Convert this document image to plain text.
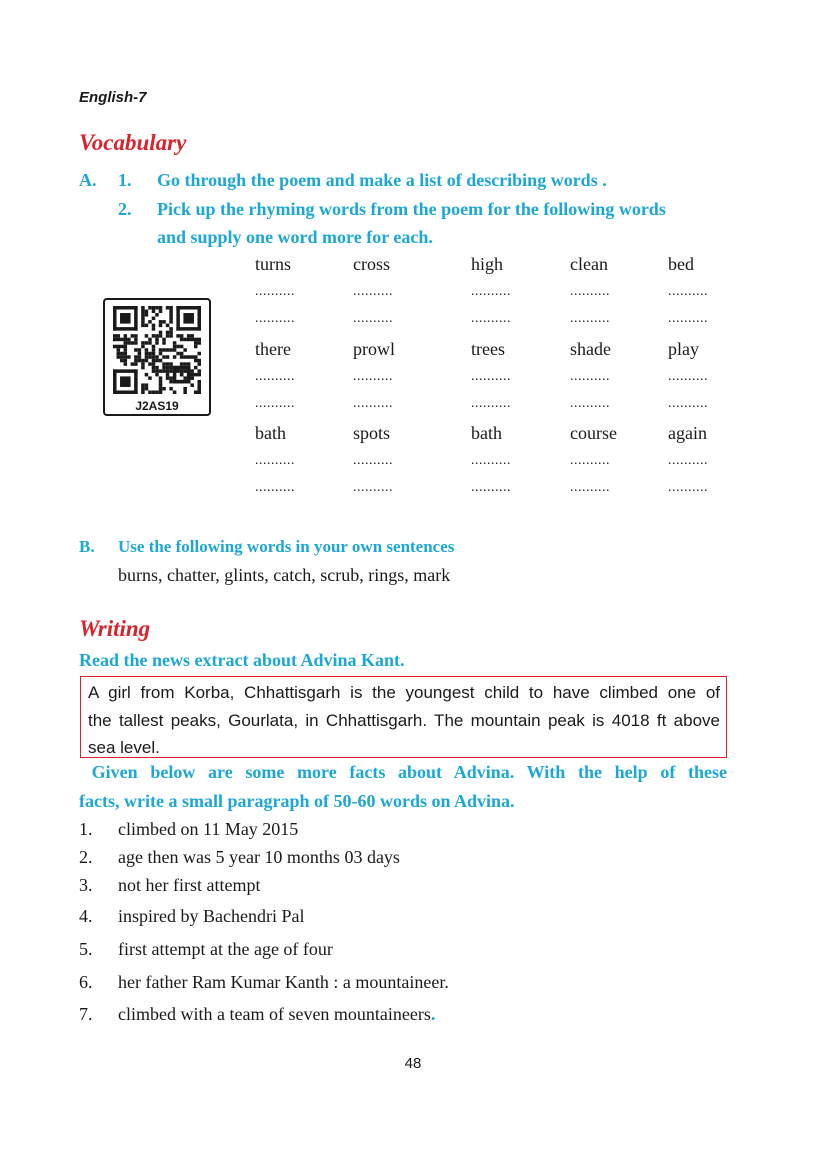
English-7
Vocabulary
A. 1. Go through the poem and make a list of describing words .
2. Pick up the rhyming words from the poem for the following words
and supply one word more for each.
turns
..........
..........
cross
..........
..........
high
..........
..........
clean
..........
..........
bed
..........
..........
there
..........
..........
prowl
..........
..........
trees
..........
..........
shade
..........
..........
play
..........
..........
bath
..........
..........
spots
..........
..........
bath
..........
..........
course
..........
..........
again
..........
..........
J2AS19
B. Use the following words in your own sentences
burns, chatter, glints, catch, scrub, rings, mark
Writing
Read the news extract about Advina Kant.
A girl from Korba, Chhattisgarh is the youngest child to have climbed one of
the tallest peaks, Gourlata, in Chhattisgarh. The mountain peak is 4018 ft above
sea level.
Given below are some more facts about Advina. With the help of these
facts, write a small paragraph of 50-60 words on Advina.
1. climbed on 11 May 2015
2. age then was 5 year 10 months 03 days
3. not her first attempt
4. inspired by Bachendri Pal
5. first attempt at the age of four
6. her father Ram Kumar Kanth : a mountaineer.
7. climbed with a team of seven mountaineers.
48
